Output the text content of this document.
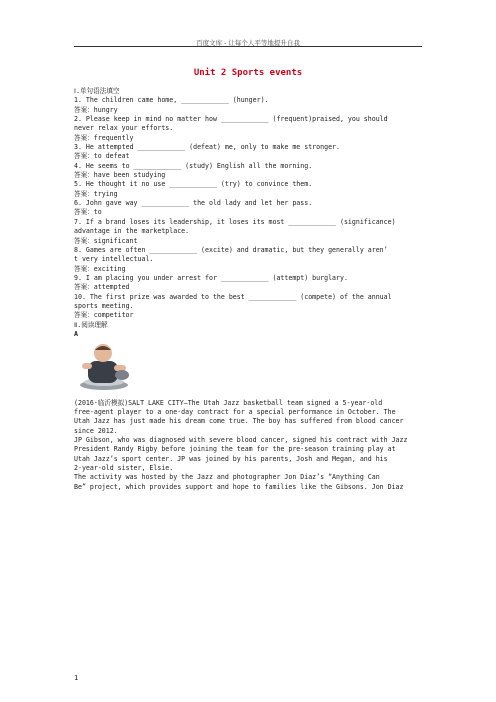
百度文库 - 让每个人平等地提升自我
Unit 2 Sports events
Ⅰ.单句语法填空
1. The children came home, ____________ (hunger).
答案：hungry
2. Please keep in mind no matter how ____________ (frequent)praised, you should
never relax your efforts.
答案：frequently
3. He attempted ____________ (defeat) me, only to make me stronger.
答案：to defeat
4. He seems to ____________ (study) English all the morning.
答案：have been studying
5. He thought it no use ____________ (try) to convince them.
答案：trying
6. John gave way ____________ the old lady and let her pass.
答案：to
7. If a brand loses its leadership, it loses its most ____________ (significance)
advantage in the marketplace.
答案：significant
8. Games are often ____________ (excite) and dramatic, but they generally aren’
t very intellectual.
答案：exciting
9. I am placing you under arrest for ____________ (attempt) burglary.
答案：attempted
10. The first prize was awarded to the best ____________ (compete) of the annual
sports meeting.
答案：competitor
Ⅱ.阅读理解
A
(2016·临沂模拟)SALT LAKE CITY—The Utah Jazz basketball team signed a 5-year-old
free-agent player to a one-day contract for a special performance in October. The
Utah Jazz has just made his dream come true. The boy has suffered from blood cancer
since 2012.
JP Gibson, who was diagnosed with severe blood cancer, signed his contract with Jazz
President Randy Rigby before joining the team for the pre-season training play at
Utah Jazz’s sport center. JP was joined by his parents, Josh and Megan, and his
2-year-old sister, Elsie.
The activity was hosted by the Jazz and photographer Jon Diaz’s “Anything Can
Be” project, which provides support and hope to families like the Gibsons. Jon Diaz
1
